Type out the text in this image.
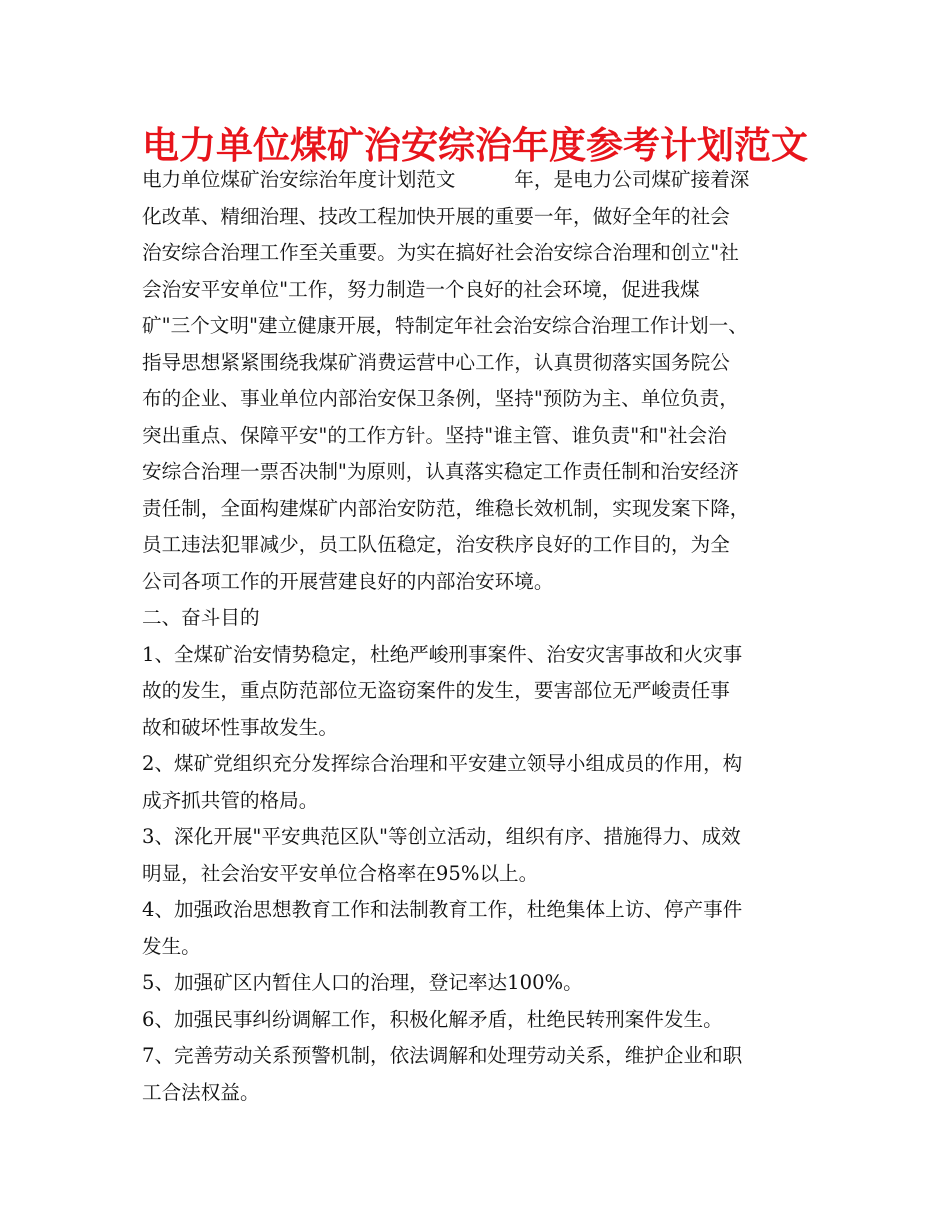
电力单位煤矿治安综治年度参考计划范文
电力单位煤矿治安综治年度计划范文　　　年，是电力公司煤矿接着深
化改革、精细治理、技改工程加快开展的重要一年，做好全年的社会
治安综合治理工作至关重要。为实在搞好社会治安综合治理和创立"社
会治安平安单位"工作，努力制造一个良好的社会环境，促进我煤
矿"三个文明"建立健康开展，特制定年社会治安综合治理工作计划一、
指导思想紧紧围绕我煤矿消费运营中心工作，认真贯彻落实国务院公
布的企业、事业单位内部治安保卫条例，坚持"预防为主、单位负责，
突出重点、保障平安"的工作方针。坚持"谁主管、谁负责"和"社会治
安综合治理一票否决制"为原则，认真落实稳定工作责任制和治安经济
责任制，全面构建煤矿内部治安防范，维稳长效机制，实现发案下降，
员工违法犯罪减少，员工队伍稳定，治安秩序良好的工作目的，为全
公司各项工作的开展营建良好的内部治安环境。
二、奋斗目的
1、全煤矿治安情势稳定，杜绝严峻刑事案件、治安灾害事故和火灾事
故的发生，重点防范部位无盗窃案件的发生，要害部位无严峻责任事
故和破坏性事故发生。
2、煤矿党组织充分发挥综合治理和平安建立领导小组成员的作用，构
成齐抓共管的格局。
3、深化开展"平安典范区队"等创立活动，组织有序、措施得力、成效
明显，社会治安平安单位合格率在95%以上。
4、加强政治思想教育工作和法制教育工作，杜绝集体上访、停产事件
发生。
5、加强矿区内暂住人口的治理，登记率达100%。
6、加强民事纠纷调解工作，积极化解矛盾，杜绝民转刑案件发生。
7、完善劳动关系预警机制，依法调解和处理劳动关系，维护企业和职
工合法权益。
